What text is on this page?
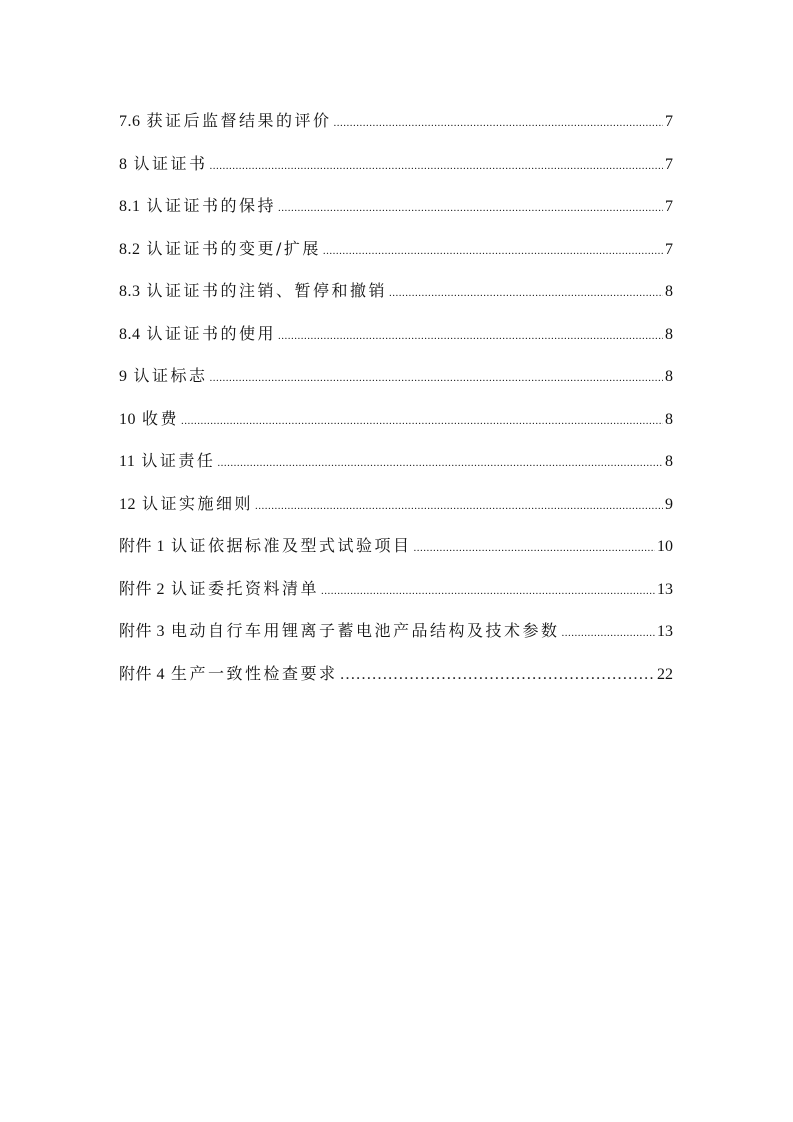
7.6 获证后监督结果的评价 .....	7
8 认证证书 .....	7
8.1 认证证书的保持 .....	7
8.2 认证证书的变更/扩展 .....	7
8.3 认证证书的注销、暂停和撤销 .....	8
8.4 认证证书的使用 .....	8
9 认证标志 .....	8
10 收费 .....	8
11 认证责任 .....	8
12 认证实施细则 .....	9
附件 1 认证依据标准及型式试验项目 .....	10
附件 2 认证委托资料清单 .....	13
附件 3 电动自行车用锂离子蓄电池产品结构及技术参数 .....	13
附件 4 生产一致性检查要求 ……………………………………………………………………………………………………	22
